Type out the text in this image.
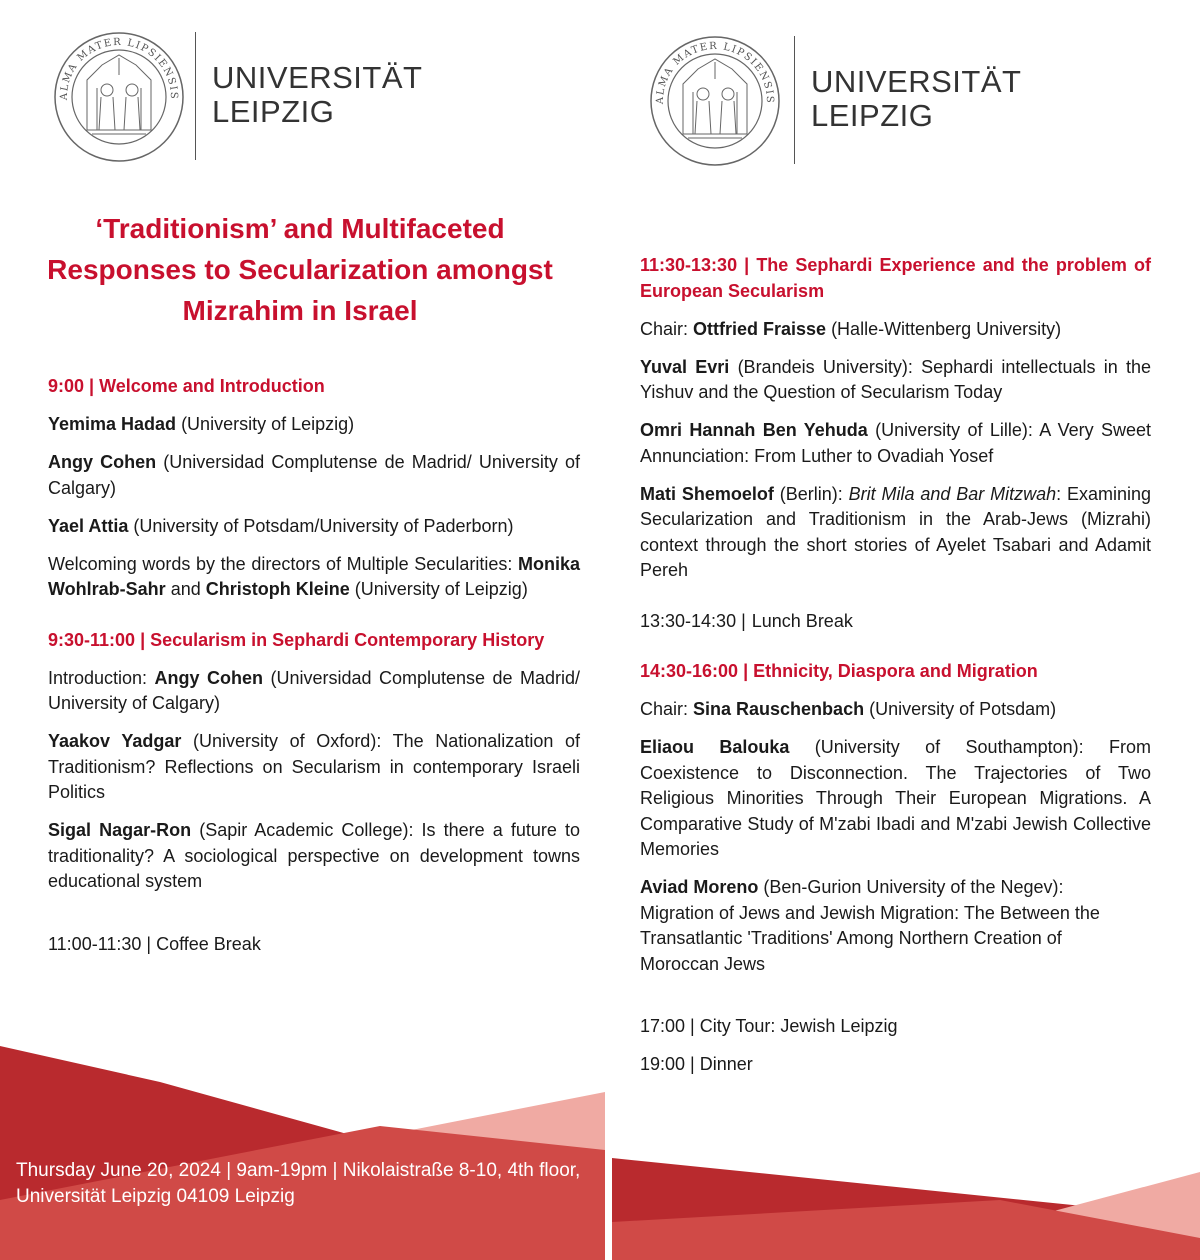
ALMA MATER LIPSIENSIS
UNIVERSITÄT
LEIPZIG	ALMA MATER LIPSIENSIS
UNIVERSITÄT
LEIPZIG
‘Traditionism’ and Multifaceted
Responses to Secularization amongst
Mizrahim in Israel

9:00 | Welcome and Introduction

Yemima Hadad (University of Leipzig)

Angy Cohen (Universidad Complutense de Madrid/ University of Calgary)

Yael Attia (University of Potsdam/University of Paderborn)

Welcoming words by the directors of Multiple Secularities: Monika Wohlrab-Sahr and Christoph Kleine (University of Leipzig)

9:30-11:00 | Secularism in Sephardi Contemporary History

Introduction: Angy Cohen (Universidad Complutense de Madrid/ University of Calgary)

Yaakov Yadgar (University of Oxford): The Nationalization of Traditionism? Reflections on Secularism in contemporary Israeli Politics

Sigal Nagar-Ron (Sapir Academic College): Is there a future to traditionality? A sociological perspective on development towns educational system

11:00-11:30 | Coffee Break

11:30-13:30 | The Sephardi Experience and the problem of European Secularism

Chair: Ottfried Fraisse (Halle-Wittenberg University)

Yuval Evri (Brandeis University): Sephardi intellectuals in the Yishuv and the Question of Secularism Today

Omri Hannah Ben Yehuda (University of Lille): A Very Sweet Annunciation: From Luther to Ovadiah Yosef

Mati Shemoelof (Berlin): Brit Mila and Bar Mitzwah: Examining Secularization and Traditionism in the Arab-Jews (Mizrahi) context through the short stories of Ayelet Tsabari and Adamit Pereh

13:30-14:30 | Lunch Break

14:30-16:00 | Ethnicity, Diaspora and Migration

Chair: Sina Rauschenbach (University of Potsdam)

Eliaou Balouka (University of Southampton): From Coexistence to Disconnection. The Trajectories of Two Religious Minorities Through Their European Migrations. A Comparative Study of M'zabi Ibadi and M'zabi Jewish Collective Memories

Aviad Moreno (Ben-Gurion University of the Negev):
Migration of Jews and Jewish Migration: The Between the
Transatlantic 'Traditions' Among Northern Creation of
Moroccan Jews

17:00 | City Tour: Jewish Leipzig

19:00 | Dinner

Thursday June 20, 2024 | 9am-19pm | Nikolaistraße 8-10, 4th floor, Universität Leipzig 04109 Leipzig
